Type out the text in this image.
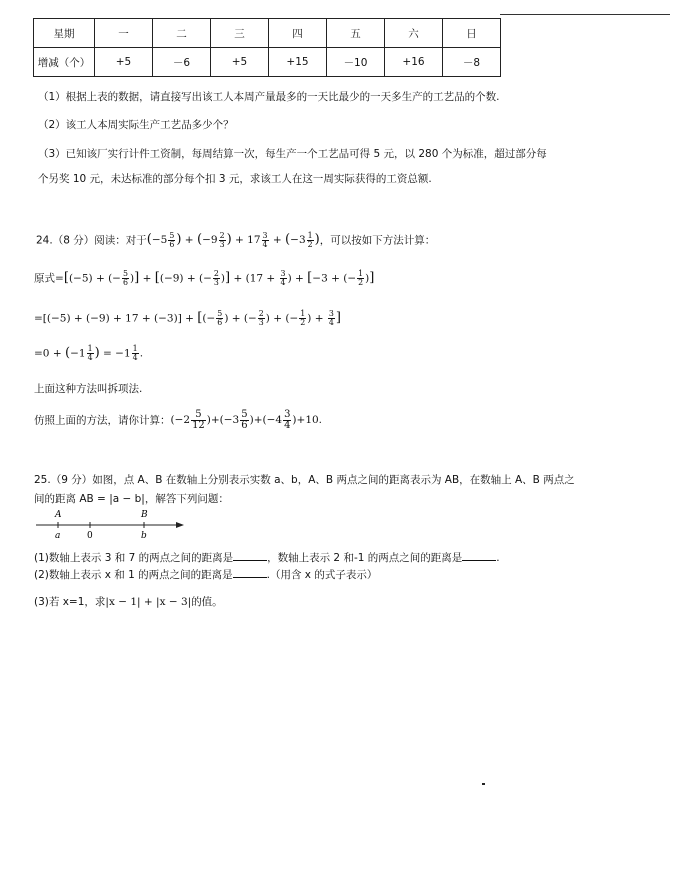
星期	一	二	三	四	五	六	日
增减（个）	+5	－6	+5	+15	－10	+16	－8
（1）根据上表的数据，请直接写出该工人本周产量最多的一天比最少的一天多生产的工艺品的个数.
（2）该工人本周实际生产工艺品多少个？
（3）已知该厂实行计件工资制，每周结算一次，每生产一个工艺品可得 5 元，以 280 个为标准，超过部分每
个另奖 10 元，未达标准的部分每个扣 3 元，求该工人在这一周实际获得的工资总额.
24.（8 分）阅读：对于($-5 \frac{5}{6}$ ) + ($-9 \frac{2}{3}$ ) + $17 \frac{3}{4} + (-3 \frac{1}{2}$ )，可以按如下方法计算：
原式=[(−5) + (− $\frac{5}{6}$ )] + [(−9) + (− $\frac{2}{3}$ )] + ($17 + \frac{3}{4}$ ) + [−3 + (− $\frac{1}{2}$ )]
=[(−5) + (−9) + 17 + (−3)] + [(− $\frac{5}{6}$ ) + (− $\frac{2}{3}$ ) + (− $\frac{1}{2}$ ) + $\frac{3}{4}$ ]
$=0 + (-1 \frac{1}{4}$ ) = $-1 \frac{1}{4}$ .
上面这种方法叫拆项法.
仿照上面的方法，请你计算：$(-2 \frac{5}{12} )+(-3 \frac{5}{6} )+(-4 \frac{3}{4} )+10$.
25.（9 分）如图，点 A、B 在数轴上分别表示实数 a、b，A、B 两点之间的距离表示为 AB，在数轴上 A、B 两点之
间的距离 AB = |a − b|，解答下列问题：
A	B
a	0	b
(1)数轴上表示 3 和 7 的两点之间的距离是	，数轴上表示 2 和-1 的两点之间的距离是	.
(2)数轴上表示 x 和 1 的两点之间的距离是	.（用含 x 的式子表示）
(3)若 x=1，求|x − 1| + |x − 3|的值。
